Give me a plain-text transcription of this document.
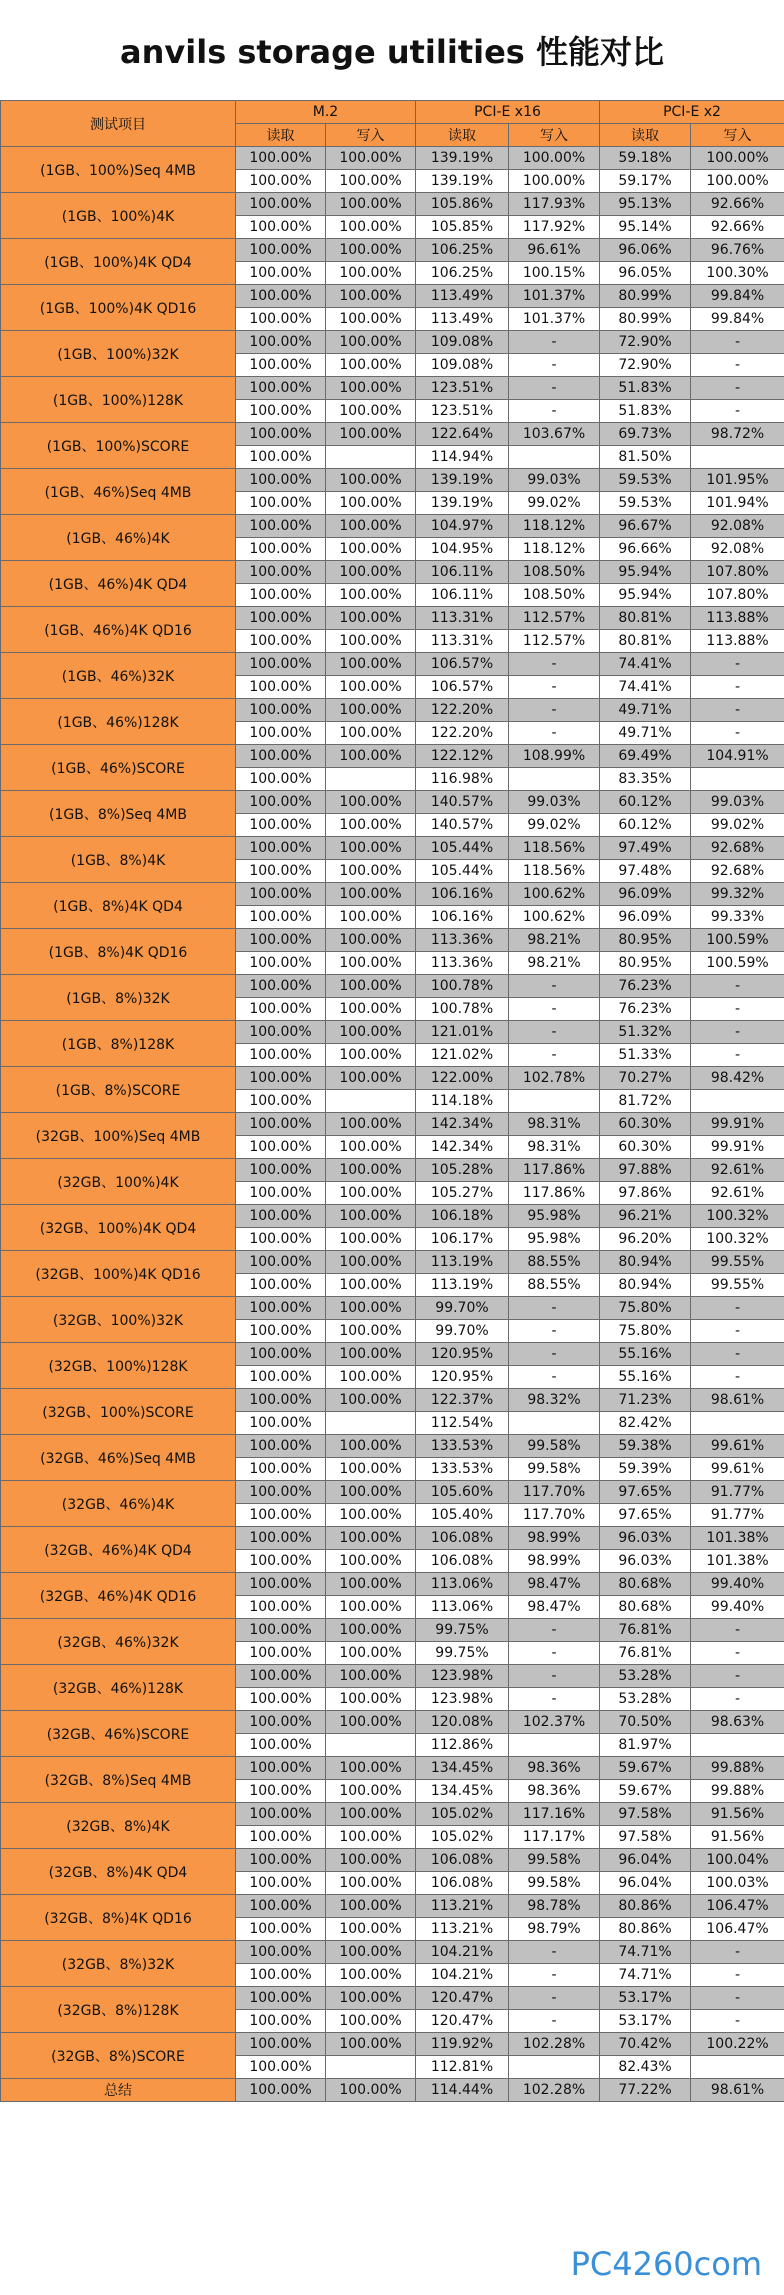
anvils storage utilities 性能对比
测试项目	M.2		PCI-E x16		PCI-E x2	
	读取	写入	读取	写入	读取	写入
(1GB、100%)Seq 4MB	100.00%	100.00%	139.19%	100.00%	59.18%	100.00%
	100.00%	100.00%	139.19%	100.00%	59.17%	100.00%
(1GB、100%)4K	100.00%	100.00%	105.86%	117.93%	95.13%	92.66%
	100.00%	100.00%	105.85%	117.92%	95.14%	92.66%
(1GB、100%)4K QD4	100.00%	100.00%	106.25%	96.61%	96.06%	96.76%
	100.00%	100.00%	106.25%	100.15%	96.05%	100.30%
(1GB、100%)4K QD16	100.00%	100.00%	113.49%	101.37%	80.99%	99.84%
	100.00%	100.00%	113.49%	101.37%	80.99%	99.84%
(1GB、100%)32K	100.00%	100.00%	109.08%	-	72.90%	-
	100.00%	100.00%	109.08%	-	72.90%	-
(1GB、100%)128K	100.00%	100.00%	123.51%	-	51.83%	-
	100.00%	100.00%	123.51%	-	51.83%	-
(1GB、100%)SCORE	100.00%	100.00%	122.64%	103.67%	69.73%	98.72%
	100.00%		114.94%		81.50%	
(1GB、46%)Seq 4MB	100.00%	100.00%	139.19%	99.03%	59.53%	101.95%
	100.00%	100.00%	139.19%	99.02%	59.53%	101.94%
(1GB、46%)4K	100.00%	100.00%	104.97%	118.12%	96.67%	92.08%
	100.00%	100.00%	104.95%	118.12%	96.66%	92.08%
(1GB、46%)4K QD4	100.00%	100.00%	106.11%	108.50%	95.94%	107.80%
	100.00%	100.00%	106.11%	108.50%	95.94%	107.80%
(1GB、46%)4K QD16	100.00%	100.00%	113.31%	112.57%	80.81%	113.88%
	100.00%	100.00%	113.31%	112.57%	80.81%	113.88%
(1GB、46%)32K	100.00%	100.00%	106.57%	-	74.41%	-
	100.00%	100.00%	106.57%	-	74.41%	-
(1GB、46%)128K	100.00%	100.00%	122.20%	-	49.71%	-
	100.00%	100.00%	122.20%	-	49.71%	-
(1GB、46%)SCORE	100.00%	100.00%	122.12%	108.99%	69.49%	104.91%
	100.00%		116.98%		83.35%	
(1GB、8%)Seq 4MB	100.00%	100.00%	140.57%	99.03%	60.12%	99.03%
	100.00%	100.00%	140.57%	99.02%	60.12%	99.02%
(1GB、8%)4K	100.00%	100.00%	105.44%	118.56%	97.49%	92.68%
	100.00%	100.00%	105.44%	118.56%	97.48%	92.68%
(1GB、8%)4K QD4	100.00%	100.00%	106.16%	100.62%	96.09%	99.32%
	100.00%	100.00%	106.16%	100.62%	96.09%	99.33%
(1GB、8%)4K QD16	100.00%	100.00%	113.36%	98.21%	80.95%	100.59%
	100.00%	100.00%	113.36%	98.21%	80.95%	100.59%
(1GB、8%)32K	100.00%	100.00%	100.78%	-	76.23%	-
	100.00%	100.00%	100.78%	-	76.23%	-
(1GB、8%)128K	100.00%	100.00%	121.01%	-	51.32%	-
	100.00%	100.00%	121.02%	-	51.33%	-
(1GB、8%)SCORE	100.00%	100.00%	122.00%	102.78%	70.27%	98.42%
	100.00%		114.18%		81.72%	
(32GB、100%)Seq 4MB	100.00%	100.00%	142.34%	98.31%	60.30%	99.91%
	100.00%	100.00%	142.34%	98.31%	60.30%	99.91%
(32GB、100%)4K	100.00%	100.00%	105.28%	117.86%	97.88%	92.61%
	100.00%	100.00%	105.27%	117.86%	97.86%	92.61%
(32GB、100%)4K QD4	100.00%	100.00%	106.18%	95.98%	96.21%	100.32%
	100.00%	100.00%	106.17%	95.98%	96.20%	100.32%
(32GB、100%)4K QD16	100.00%	100.00%	113.19%	88.55%	80.94%	99.55%
	100.00%	100.00%	113.19%	88.55%	80.94%	99.55%
(32GB、100%)32K	100.00%	100.00%	99.70%	-	75.80%	-
	100.00%	100.00%	99.70%	-	75.80%	-
(32GB、100%)128K	100.00%	100.00%	120.95%	-	55.16%	-
	100.00%	100.00%	120.95%	-	55.16%	-
(32GB、100%)SCORE	100.00%	100.00%	122.37%	98.32%	71.23%	98.61%
	100.00%		112.54%		82.42%	
(32GB、46%)Seq 4MB	100.00%	100.00%	133.53%	99.58%	59.38%	99.61%
	100.00%	100.00%	133.53%	99.58%	59.39%	99.61%
(32GB、46%)4K	100.00%	100.00%	105.60%	117.70%	97.65%	91.77%
	100.00%	100.00%	105.40%	117.70%	97.65%	91.77%
(32GB、46%)4K QD4	100.00%	100.00%	106.08%	98.99%	96.03%	101.38%
	100.00%	100.00%	106.08%	98.99%	96.03%	101.38%
(32GB、46%)4K QD16	100.00%	100.00%	113.06%	98.47%	80.68%	99.40%
	100.00%	100.00%	113.06%	98.47%	80.68%	99.40%
(32GB、46%)32K	100.00%	100.00%	99.75%	-	76.81%	-
	100.00%	100.00%	99.75%	-	76.81%	-
(32GB、46%)128K	100.00%	100.00%	123.98%	-	53.28%	-
	100.00%	100.00%	123.98%	-	53.28%	-
(32GB、46%)SCORE	100.00%	100.00%	120.08%	102.37%	70.50%	98.63%
	100.00%		112.86%		81.97%	
(32GB、8%)Seq 4MB	100.00%	100.00%	134.45%	98.36%	59.67%	99.88%
	100.00%	100.00%	134.45%	98.36%	59.67%	99.88%
(32GB、8%)4K	100.00%	100.00%	105.02%	117.16%	97.58%	91.56%
	100.00%	100.00%	105.02%	117.17%	97.58%	91.56%
(32GB、8%)4K QD4	100.00%	100.00%	106.08%	99.58%	96.04%	100.04%
	100.00%	100.00%	106.08%	99.58%	96.04%	100.03%
(32GB、8%)4K QD16	100.00%	100.00%	113.21%	98.78%	80.86%	106.47%
	100.00%	100.00%	113.21%	98.79%	80.86%	106.47%
(32GB、8%)32K	100.00%	100.00%	104.21%	-	74.71%	-
	100.00%	100.00%	104.21%	-	74.71%	-
(32GB、8%)128K	100.00%	100.00%	120.47%	-	53.17%	-
	100.00%	100.00%	120.47%	-	53.17%	-
(32GB、8%)SCORE	100.00%	100.00%	119.92%	102.28%	70.42%	100.22%
	100.00%		112.81%		82.43%	
总结	100.00%	100.00%	114.44%	102.28%	77.22%	98.61%
PC4260com
